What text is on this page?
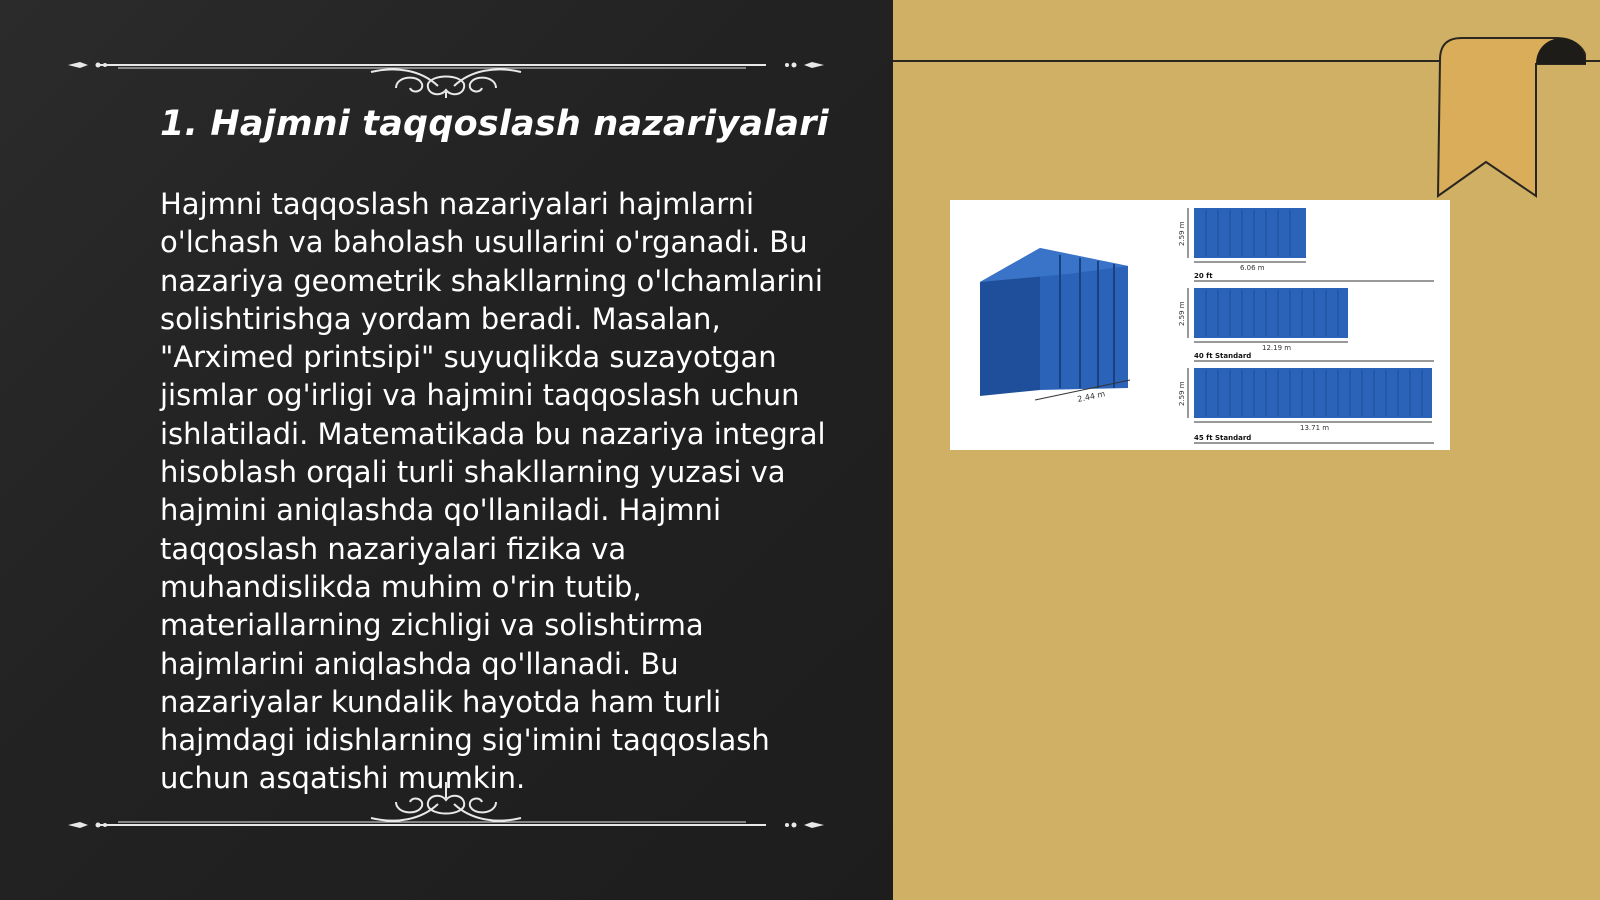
1. Hajmni taqqoslash nazariyalari

Hajmni taqqoslash nazariyalari hajmlarni o'lchash va baholash usullarini o'rganadi. Bu nazariya geometrik shakllarning o'lchamlarini solishtirishga yordam beradi. Masalan, "Arximed printsipi" suyuqlikda suzayotgan jismlar og'irligi va hajmini taqqoslash uchun ishlatiladi. Matematikada bu nazariya integral hisoblash orqali turli shakllarning yuzasi va hajmini aniqlashda qo'llaniladi. Hajmni taqqoslash nazariyalari fizika va muhandislikda muhim o'rin tutib, materiallarning zichligi va solishtirma hajmlarini aniqlashda qo'llanadi. Bu nazariyalar kundalik hayotda ham turli hajmdagi idishlarning sig'imini taqqoslash uchun asqatishi mumkin.

2.44 m
2.59 m
6.06 m
20 ft
2.59 m
12.19 m
40 ft Standard
2.59 m
13.71 m
45 ft Standard
